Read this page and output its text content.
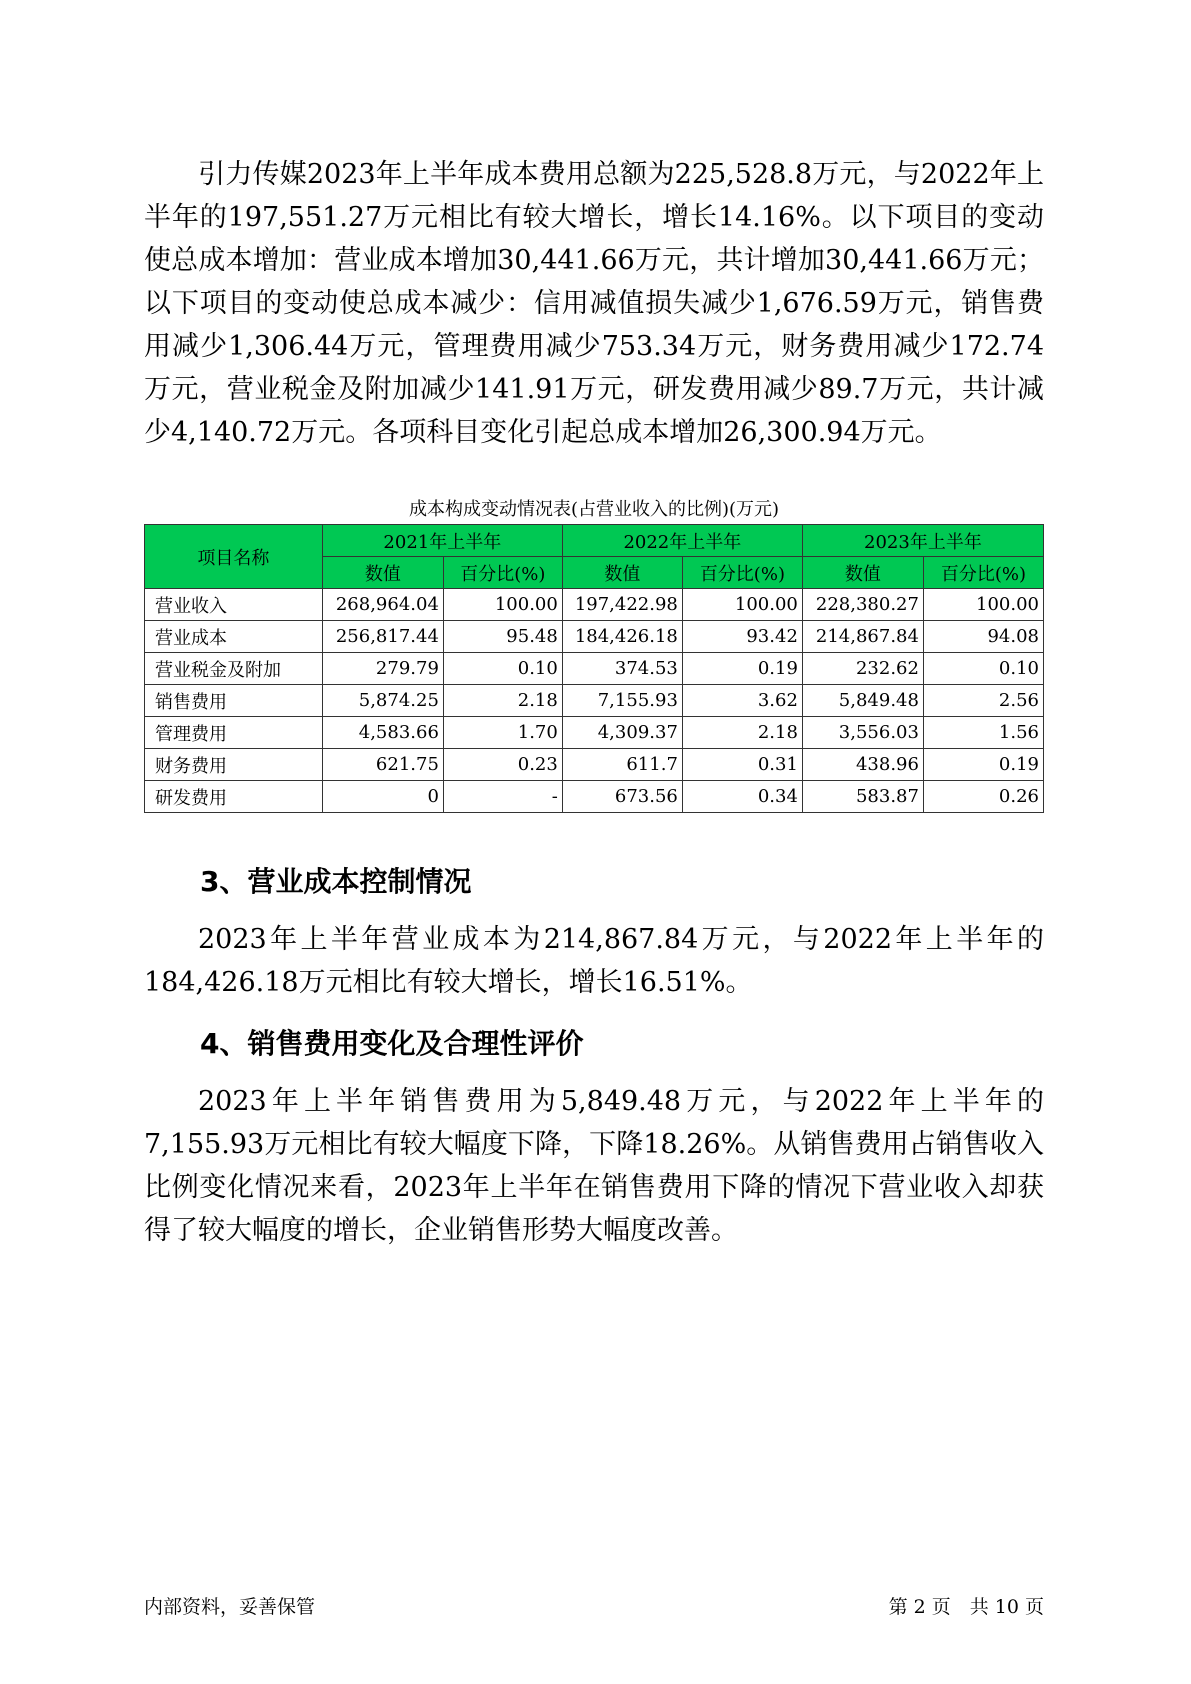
引力传媒2023年上半年成本费用总额为225,528.8万元，与2022年上半年的197,551.27万元相比有较大增长，增长14.16%。以下项目的变动使总成本增加：营业成本增加30,441.66万元，共计增加30,441.66万元；以下项目的变动使总成本减少：信用减值损失减少1,676.59万元，销售费用减少1,306.44万元，管理费用减少753.34万元，财务费用减少172.74万元，营业税金及附加减少141.91万元，研发费用减少89.7万元，共计减少4,140.72万元。各项科目变化引起总成本增加26,300.94万元。

成本构成变动情况表(占营业收入的比例)(万元)
项目名称	2021年上半年		2022年上半年		2023年上半年	
	数值	百分比(%)	数值	百分比(%)	数值	百分比(%)
营业收入	268,964.04	100.00	197,422.98	100.00	228,380.27	100.00
营业成本	256,817.44	95.48	184,426.18	93.42	214,867.84	94.08
营业税金及附加	279.79	0.10	374.53	0.19	232.62	0.10
销售费用	5,874.25	2.18	7,155.93	3.62	5,849.48	2.56
管理费用	4,583.66	1.70	4,309.37	2.18	3,556.03	1.56
财务费用	621.75	0.23	611.7	0.31	438.96	0.19
研发费用	0	-	673.56	0.34	583.87	0.26
3、营业成本控制情况

2023年上半年营业成本为214,867.84万元，与2022年上半年的184,426.18万元相比有较大增长，增长16.51%。

4、销售费用变化及合理性评价

2023年上半年销售费用为5,849.48万元，与2022年上半年的7,155.93万元相比有较大幅度下降，下降18.26%。从销售费用占销售收入比例变化情况来看，2023年上半年在销售费用下降的情况下营业收入却获得了较大幅度的增长，企业销售形势大幅度改善。

内部资料，妥善保管	第 2 页　共 10 页
